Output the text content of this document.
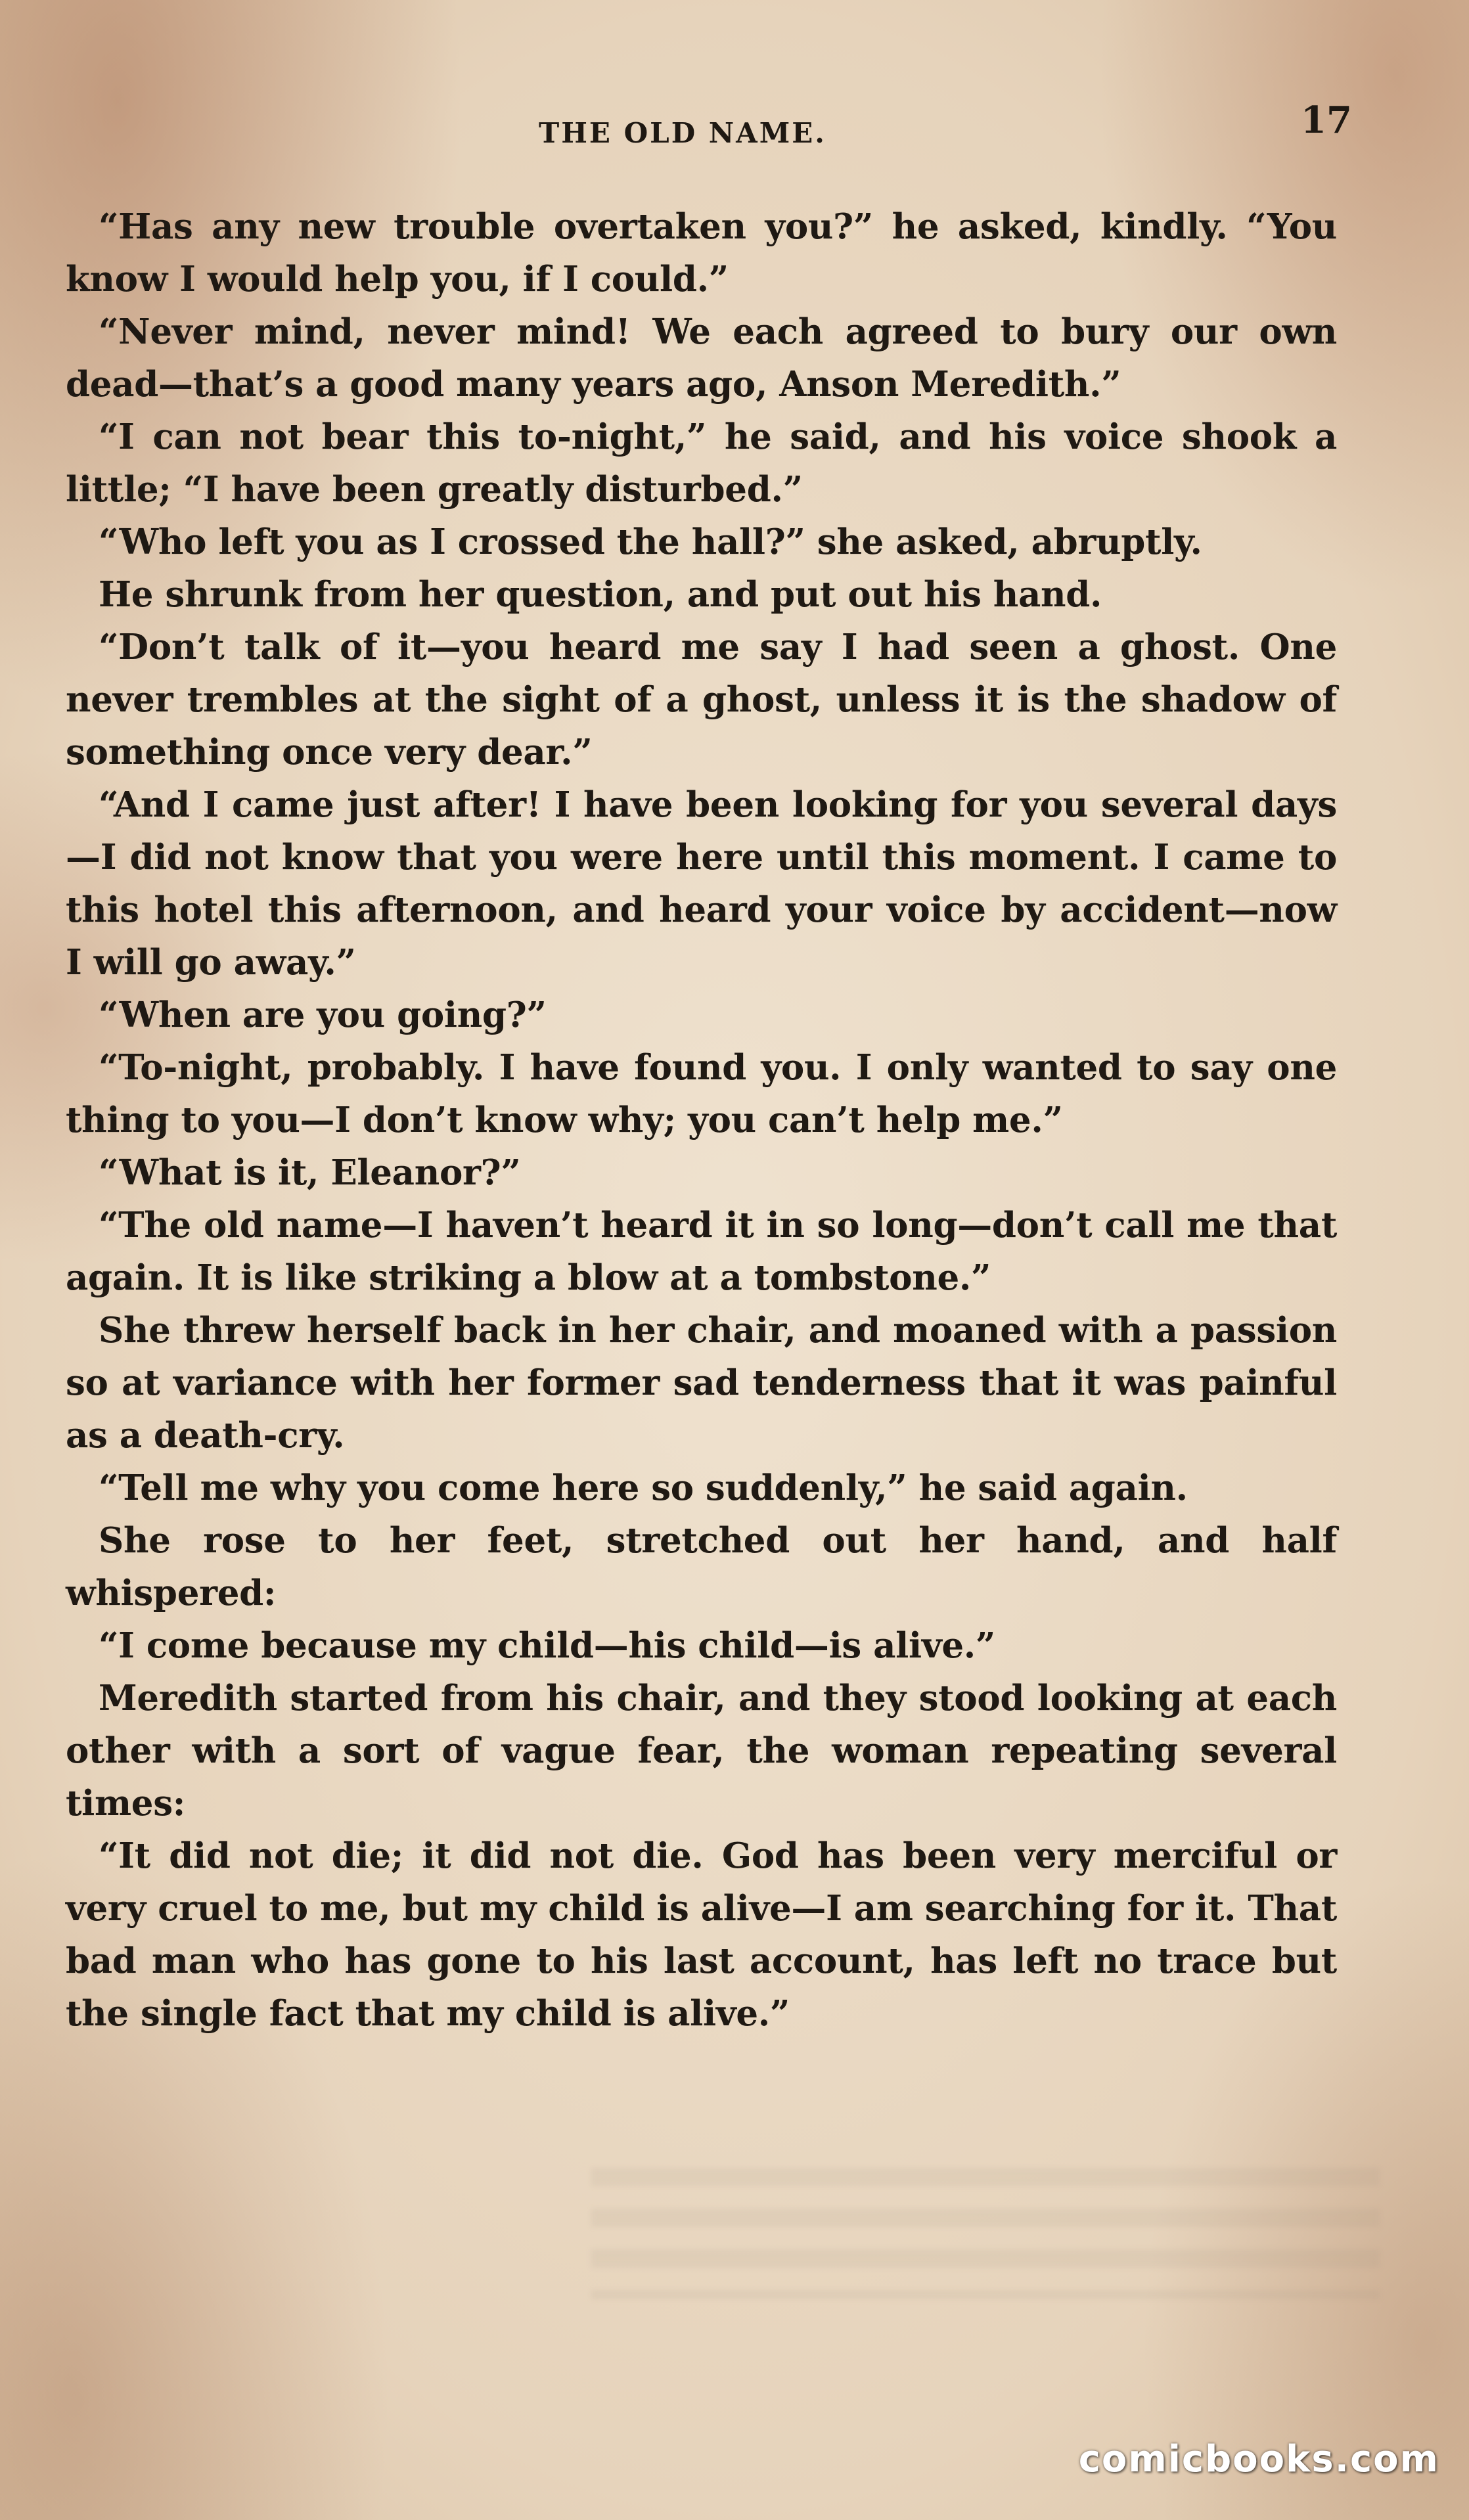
THE OLD NAME.	17

“Has any new trouble overtaken you?” he asked, kindly. “You know I would help you, if I could.”

“Never mind, never mind! We each agreed to bury our own dead—that’s a good many years ago, Anson Meredith.”

“I can not bear this to-night,” he said, and his voice shook a little; “I have been greatly disturbed.”

“Who left you as I crossed the hall?” she asked, abruptly.

He shrunk from her question, and put out his hand.

“Don’t talk of it—you heard me say I had seen a ghost. One never trembles at the sight of a ghost, unless it is the shadow of something once very dear.”

“And I came just after! I have been looking for you several days—I did not know that you were here until this moment. I came to this hotel this afternoon, and heard your voice by accident—now I will go away.”

“When are you going?”

“To-night, probably. I have found you. I only wanted to say one thing to you—I don’t know why; you can’t help me.”

“What is it, Eleanor?”

“The old name—I haven’t heard it in so long—don’t call me that again. It is like striking a blow at a tombstone.”

She threw herself back in her chair, and moaned with a passion so at variance with her former sad tenderness that it was painful as a death-cry.

“Tell me why you come here so suddenly,” he said again.

She rose to her feet, stretched out her hand, and half whispered:

“I come because my child—his child—is alive.”

Meredith started from his chair, and they stood looking at each other with a sort of vague fear, the woman repeating several times:

“It did not die; it did not die. God has been very merciful or very cruel to me, but my child is alive—I am searching for it. That bad man who has gone to his last account, has left no trace but the single fact that my child is alive.”

comicbooks.com
